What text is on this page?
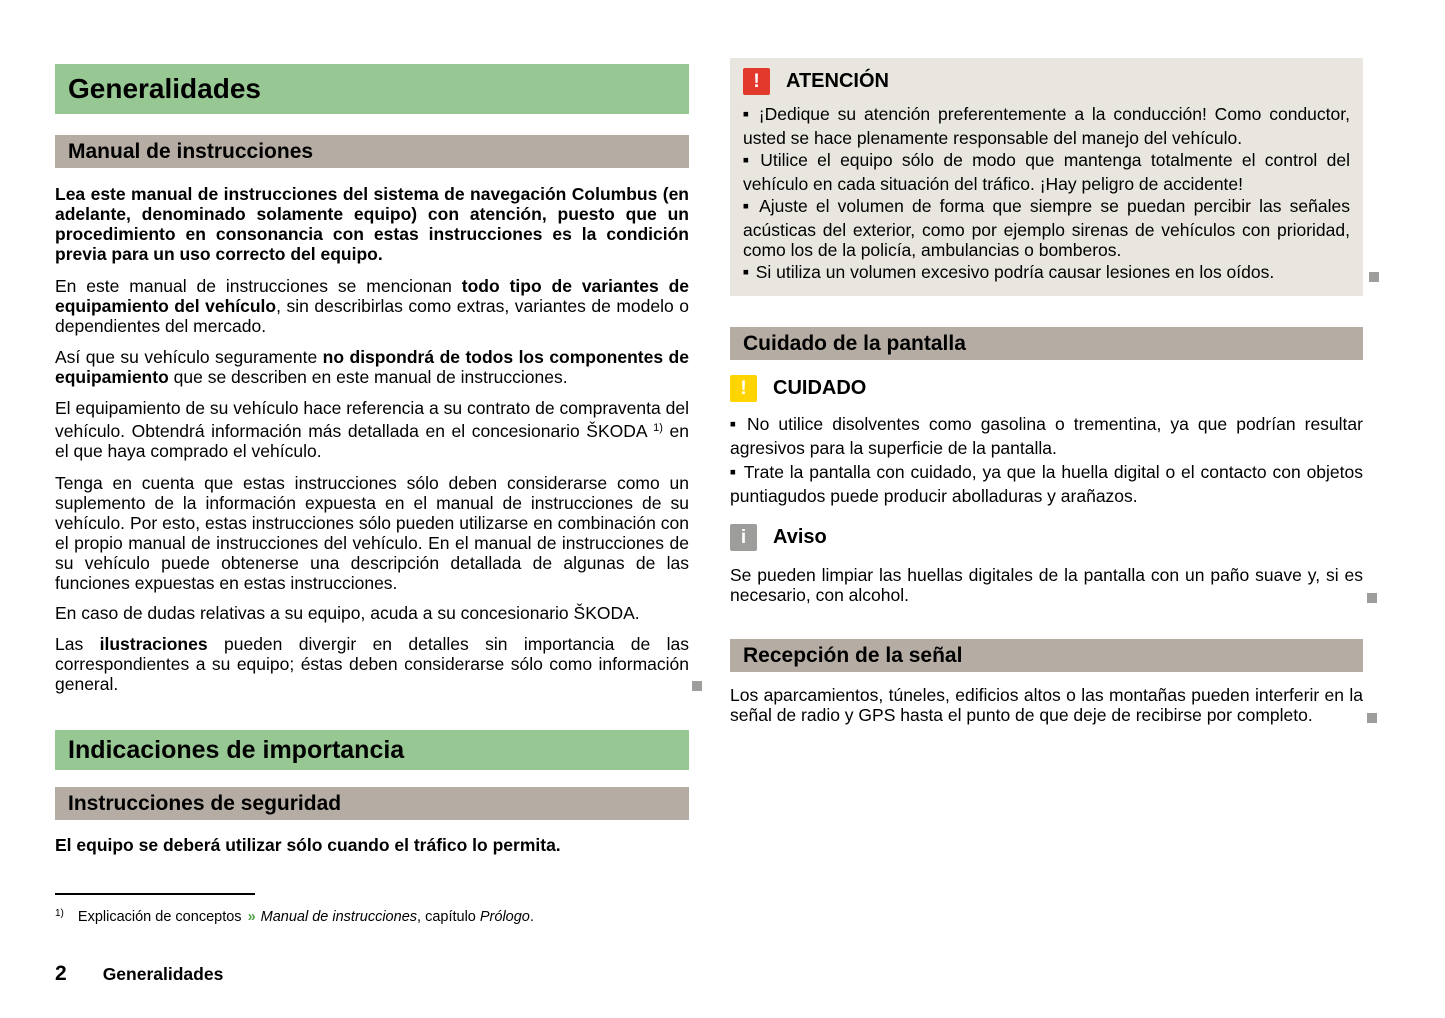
Generalidades
Manual de instrucciones

Lea este manual de instrucciones del sistema de navegación Columbus (en adelante, denominado solamente equipo) con atención, puesto que un procedimiento en consonancia con estas instrucciones es la condición previa para un uso correcto del equipo.

En este manual de instrucciones se mencionan todo tipo de variantes de equipamiento del vehículo, sin describirlas como extras, variantes de modelo o dependientes del mercado.

Así que su vehículo seguramente no dispondrá de todos los componentes de equipamiento que se describen en este manual de instrucciones.

El equipamiento de su vehículo hace referencia a su contrato de compraventa del vehículo. Obtendrá información más detallada en el concesionario ŠKODA $^{1)}$ en el que haya comprado el vehículo.

Tenga en cuenta que estas instrucciones sólo deben considerarse como un suplemento de la información expuesta en el manual de instrucciones de su vehículo. Por esto, estas instrucciones sólo pueden utilizarse en combinación con el propio manual de instrucciones del vehículo. En el manual de instrucciones de su vehículo puede obtenerse una descripción detallada de algunas de las funciones expuestas en estas instrucciones.

En caso de dudas relativas a su equipo, acuda a su concesionario ŠKODA.

Las ilustraciones pueden divergir en detalles sin importancia de las correspondientes a su equipo; éstas deben considerarse sólo como información general.

Indicaciones de importancia
Instrucciones de seguridad

El equipo se deberá utilizar sólo cuando el tráfico lo permita.

!	ATENCIÓN

■ ¡Dedique su atención preferentemente a la conducción! Como conductor, usted se hace plenamente responsable del manejo del vehículo.

■ Utilice el equipo sólo de modo que mantenga totalmente el control del vehículo en cada situación del tráfico. ¡Hay peligro de accidente!

■ Ajuste el volumen de forma que siempre se puedan percibir las señales acústicas del exterior, como por ejemplo sirenas de vehículos con prioridad, como los de la policía, ambulancias o bomberos.

■ Si utiliza un volumen excesivo podría causar lesiones en los oídos.

Cuidado de la pantalla
!	CUIDADO

■ No utilice disolventes como gasolina o trementina, ya que podrían resultar agresivos para la superficie de la pantalla.

■ Trate la pantalla con cuidado, ya que la huella digital o el contacto con objetos puntiagudos puede producir abolladuras y arañazos.

i	Aviso

Se pueden limpiar las huellas digitales de la pantalla con un paño suave y, si es necesario, con alcohol.

Recepción de la señal

Los aparcamientos, túneles, edificios altos o las montañas pueden interferir en la señal de radio y GPS hasta el punto de que deje de recibirse por completo.

$^{1)}$ Explicación de conceptos » Manual de instrucciones, capítulo Prólogo.
2 Generalidades
